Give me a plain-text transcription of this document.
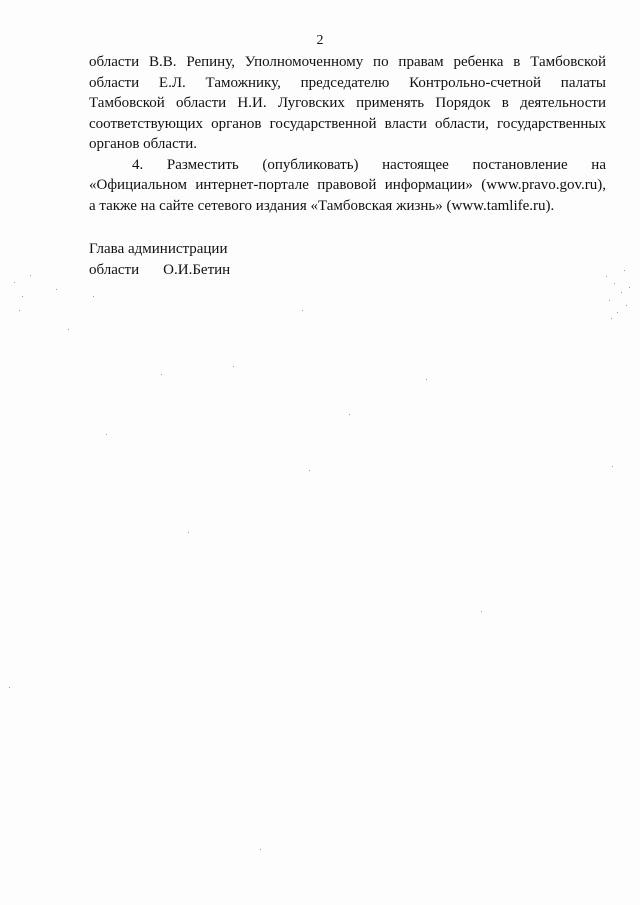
2

области В.В. Репину, Уполномоченному по правам ребенка в Тамбовской
области Е.Л. Таможнику, председателю Контрольно-счетной палаты
Тамбовской области Н.И. Луговских применять Порядок в деятельности
соответствующих органов государственной власти области, государственных
органов области.

4. Разместить (опубликовать) настоящее постановление на

«Официальном интернет-портале правовой информации» (www.pravo.gov.ru),
а также на сайте сетевого издания «Тамбовская жизнь» (www.tamlife.ru).

Глава администрации
области О.И.Бетин
